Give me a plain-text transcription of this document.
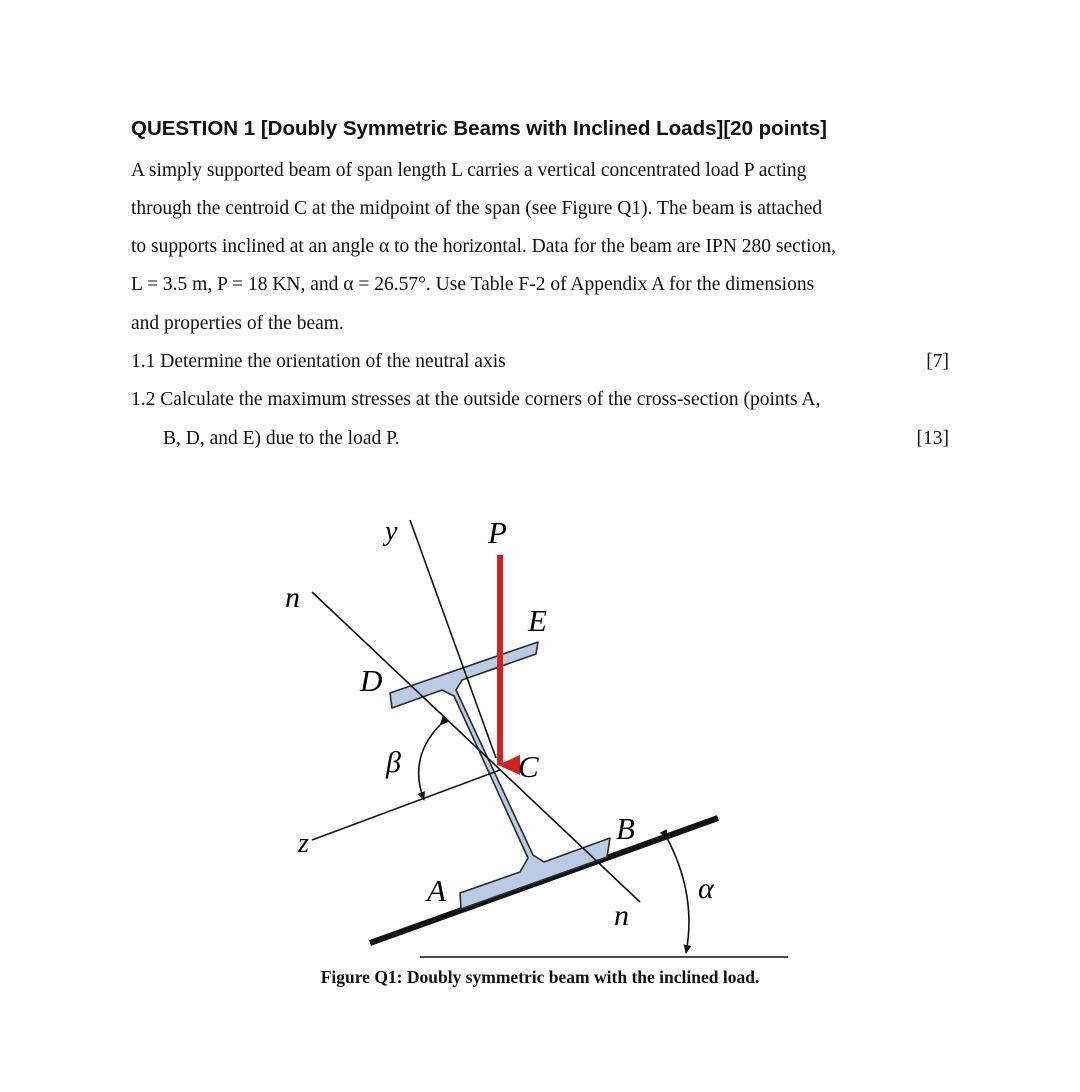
QUESTION 1 [Doubly Symmetric Beams with Inclined Loads][20 points]
A simply supported beam of span length L carries a vertical concentrated load P acting
through the centroid C at the midpoint of the span (see Figure Q1). The beam is attached
to supports inclined at an angle α to the horizontal. Data for the beam are IPN 280 section,
L = 3.5 m, P = 18 KN, and α = 26.57°. Use Table F-2 of Appendix A for the dimensions
and properties of the beam.
1.1 Determine the orientation of the neutral axis	[7]
1.2 Calculate the maximum stresses at the outside corners of the cross-section (points A,
B, D, and E) due to the load P.	[13]
y	P
n
E
D
β	C
z	B
A
n
α
Figure Q1: Doubly symmetric beam with the inclined load.
